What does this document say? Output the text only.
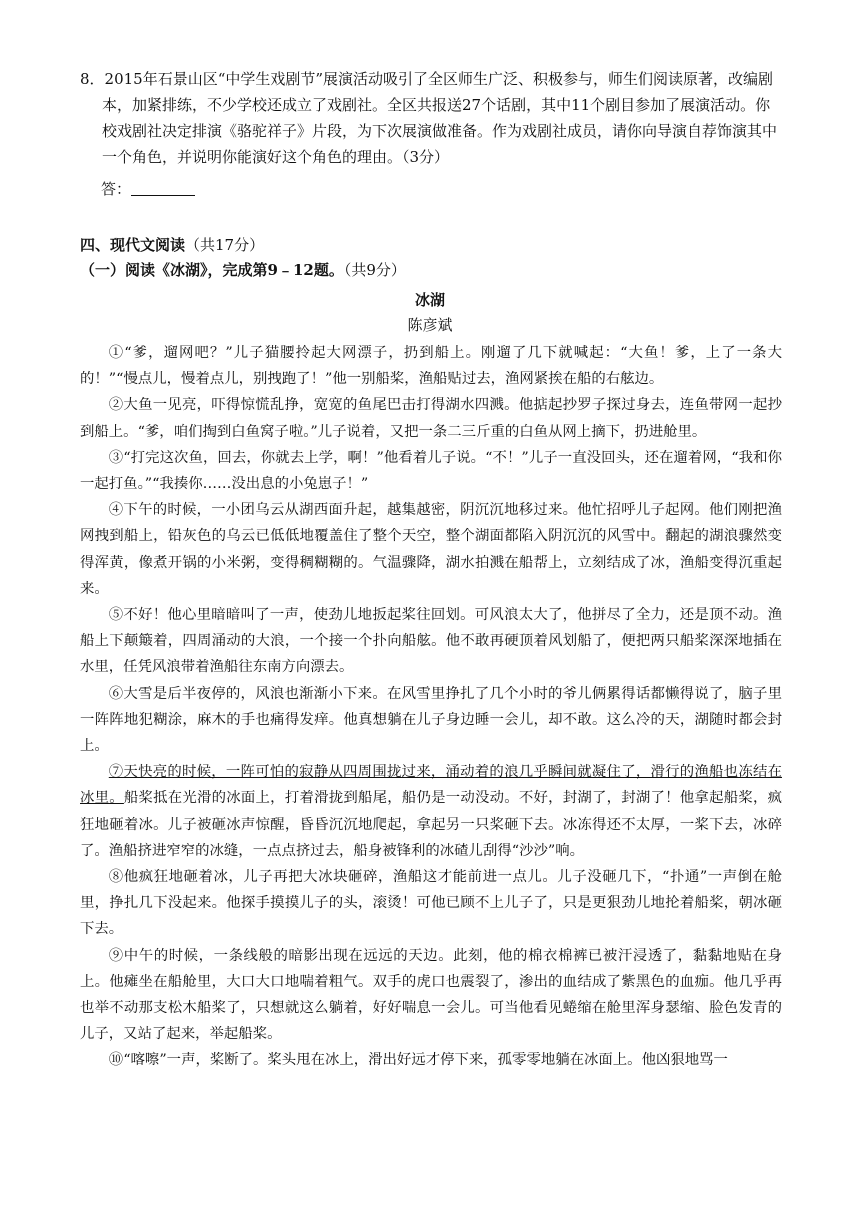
8．2015年石景山区“中学生戏剧节”展演活动吸引了全区师生广泛、积极参与，师生们阅读原著，改编剧
本，加紧排练，不少学校还成立了戏剧社。全区共报送27个话剧，其中11个剧目参加了展演活动。你
校戏剧社决定排演《骆驼祥子》片段，为下次展演做准备。作为戏剧社成员，请你向导演自荐饰演其中
一个角色，并说明你能演好这个角色的理由。（3分）
答：
四、现代文阅读（共17分）
（一）阅读《冰湖》，完成第9﹣12题。（共9分）
冰湖
陈彦斌

①“爹，遛网吧？”儿子猫腰拎起大网漂子，扔到船上。刚遛了几下就喊起：“大鱼！爹，上了一条大的！”“慢点儿，慢着点儿，别拽跑了！”他一别船桨，渔船贴过去，渔网紧挨在船的右舷边。

②大鱼一见亮，吓得惊慌乱挣，宽宽的鱼尾巴击打得湖水四溅。他掂起抄罗子探过身去，连鱼带网一起抄到船上。“爹，咱们掏到白鱼窝子啦。”儿子说着，又把一条二三斤重的白鱼从网上摘下，扔进舱里。

③“打完这次鱼，回去，你就去上学，啊！”他看着儿子说。“不！”儿子一直没回头，还在遛着网，“我和你一起打鱼。”“我揍你……没出息的小兔崽子！”

④下午的时候，一小团乌云从湖西面升起，越集越密，阴沉沉地移过来。他忙招呼儿子起网。他们刚把渔网拽到船上，铅灰色的乌云已低低地覆盖住了整个天空，整个湖面都陷入阴沉沉的风雪中。翻起的湖浪骤然变得浑黄，像煮开锅的小米粥，变得稠糊糊的。气温骤降，湖水拍溅在船帮上，立刻结成了冰，渔船变得沉重起来。

⑤不好！他心里暗暗叫了一声，使劲儿地扳起桨往回划。可风浪太大了，他拼尽了全力，还是顶不动。渔船上下颠簸着，四周涌动的大浪，一个接一个扑向船舷。他不敢再硬顶着风划船了，便把两只船桨深深地插在水里，任凭风浪带着渔船往东南方向漂去。

⑥大雪是后半夜停的，风浪也渐渐小下来。在风雪里挣扎了几个小时的爷儿俩累得话都懒得说了，脑子里一阵阵地犯糊涂，麻木的手也痛得发痒。他真想躺在儿子身边睡一会儿，却不敢。这么冷的天，湖随时都会封上。

⑦天快亮的时候，一阵可怕的寂静从四周围拢过来，涌动着的浪几乎瞬间就凝住了，滑行的渔船也冻结在冰里。船桨抵在光滑的冰面上，打着滑拢到船尾，船仍是一动没动。不好，封湖了，封湖了！他拿起船桨，疯狂地砸着冰。儿子被砸冰声惊醒，昏昏沉沉地爬起，拿起另一只桨砸下去。冰冻得还不太厚，一桨下去，冰碎了。渔船挤进窄窄的冰缝，一点点挤过去，船身被锋利的冰碴儿刮得“沙沙”响。

⑧他疯狂地砸着冰，儿子再把大冰块砸碎，渔船这才能前进一点儿。儿子没砸几下，“扑通”一声倒在舱里，挣扎几下没起来。他探手摸摸儿子的头，滚烫！可他已顾不上儿子了，只是更狠劲儿地抡着船桨，朝冰砸下去。

⑨中午的时候，一条线般的暗影出现在远远的天边。此刻，他的棉衣棉裤已被汗浸透了，黏黏地贴在身上。他瘫坐在船舱里，大口大口地喘着粗气。双手的虎口也震裂了，渗出的血结成了紫黑色的血痂。他几乎再也举不动那支松木船桨了，只想就这么躺着，好好喘息一会儿。可当他看见蜷缩在舱里浑身瑟缩、脸色发青的儿子，又站了起来，举起船桨。

⑩“喀嚓”一声，桨断了。桨头甩在冰上，滑出好远才停下来，孤零零地躺在冰面上。他凶狠地骂一
